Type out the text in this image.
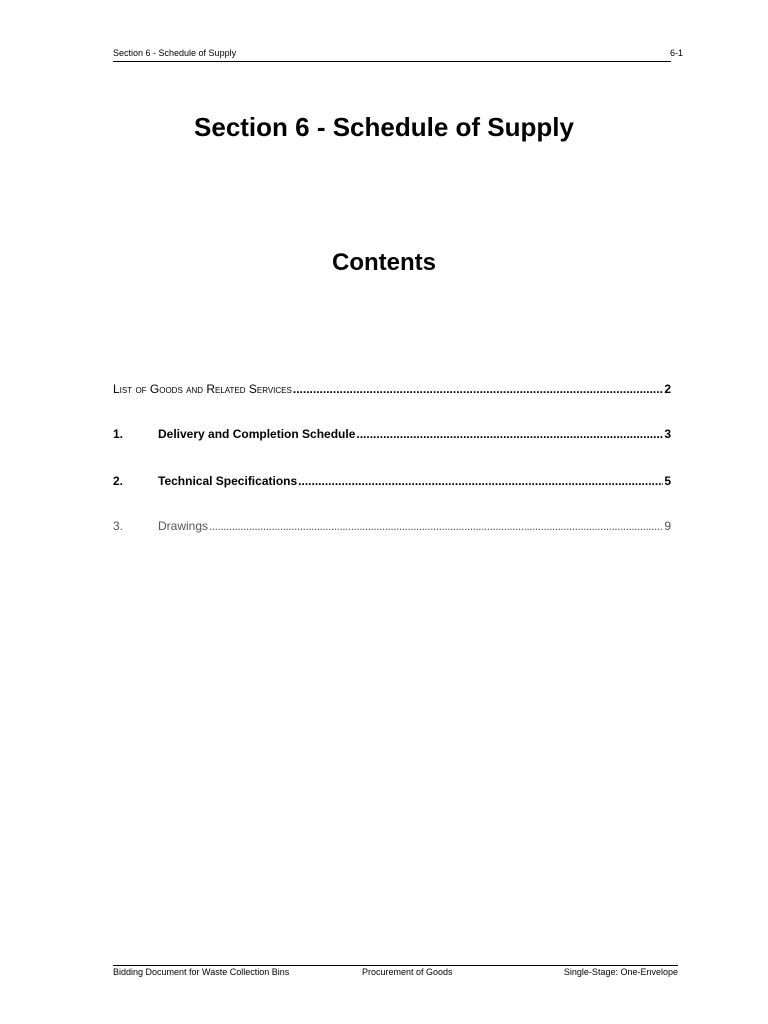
Section 6 - Schedule of Supply	6-1
Section 6 - Schedule of Supply
Contents
List of Goods and Related Services .....	2
1.	Delivery and Completion Schedule .....	3
2.	Technical Specifications .....	5
3.	Drawings .....	9
Bidding Document for Waste Collection Bins	Procurement of Goods	Single-Stage: One-Envelope
